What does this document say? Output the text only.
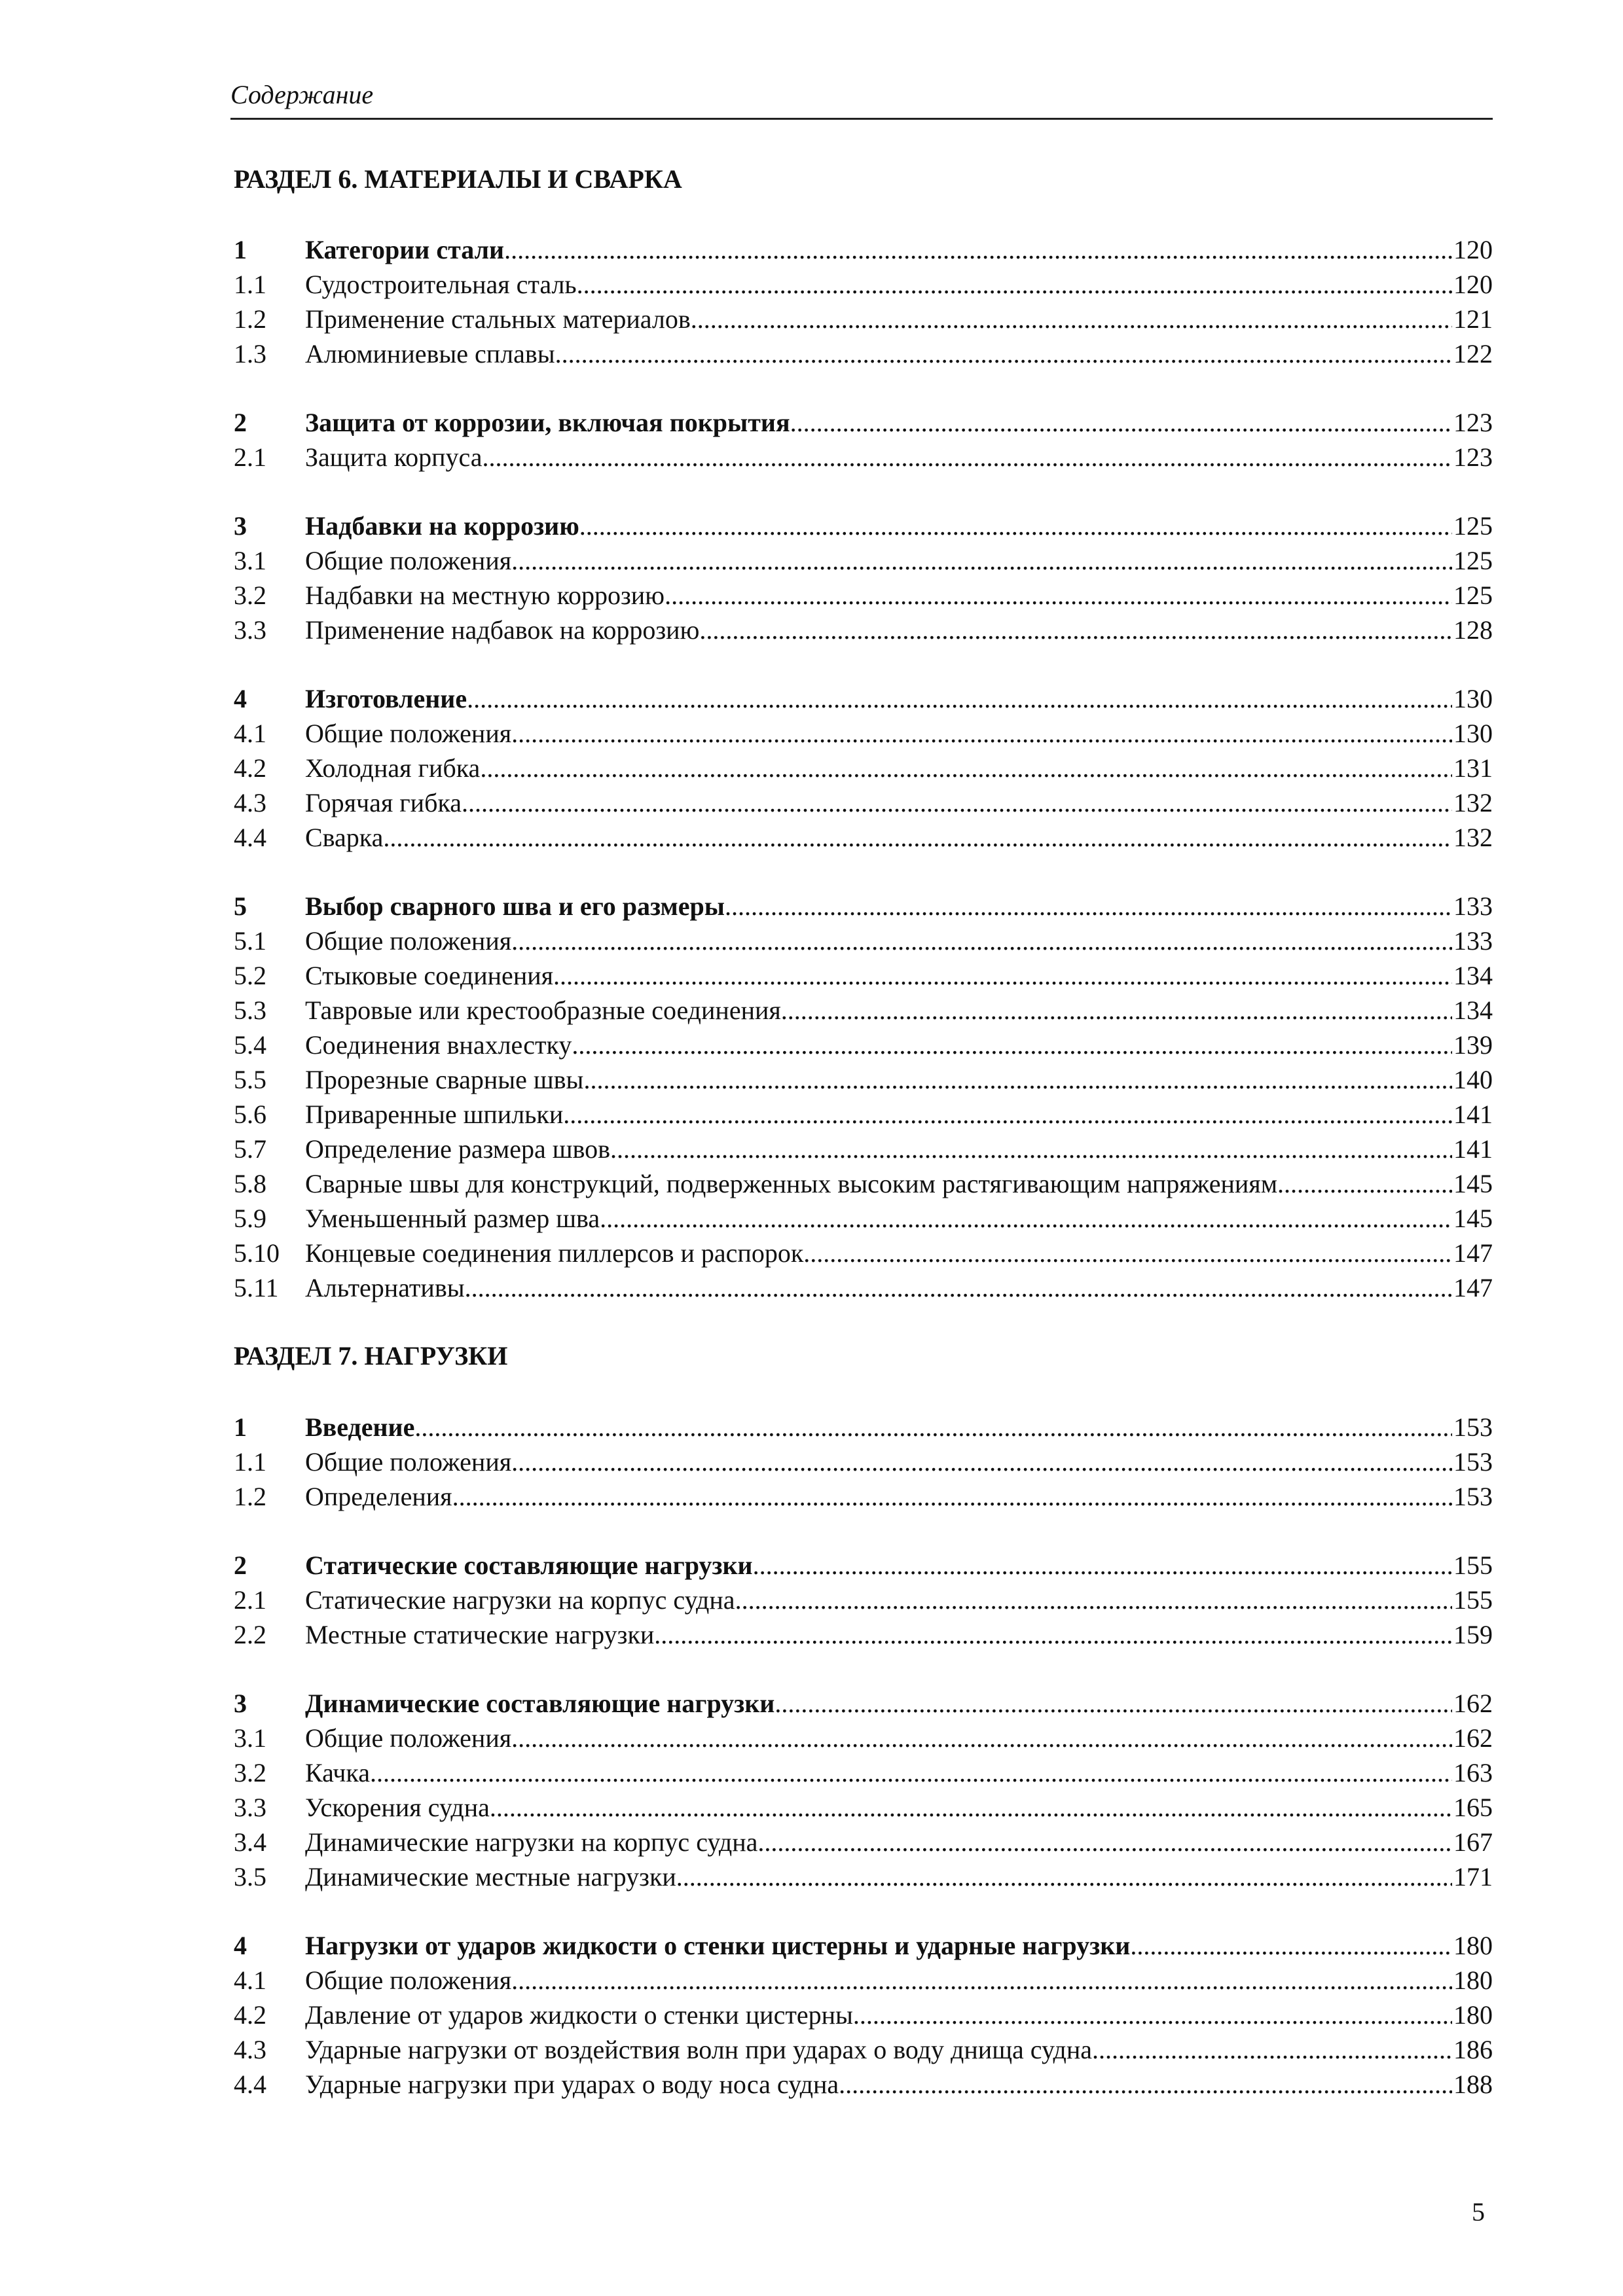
Содержание
РАЗДЕЛ 6. МАТЕРИАЛЫ И СВАРКА
1	Категории стали .....	120
1.1	Судостроительная сталь .....	120
1.2	Применение стальных материалов .....	121
1.3	Алюминиевые сплавы .....	122
2	Защита от коррозии, включая покрытия .....	123
2.1	Защита корпуса .....	123
3	Надбавки на коррозию .....	125
3.1	Общие положения .....	125
3.2	Надбавки на местную коррозию .....	125
3.3	Применение надбавок на коррозию .....	128
4	Изготовление .....	130
4.1	Общие положения .....	130
4.2	Холодная гибка .....	131
4.3	Горячая гибка .....	132
4.4	Сварка .....	132
5	Выбор сварного шва и его размеры .....	133
5.1	Общие положения .....	133
5.2	Стыковые соединения .....	134
5.3	Тавровые или крестообразные соединения .....	134
5.4	Соединения внахлестку .....	139
5.5	Прорезные сварные швы .....	140
5.6	Приваренные шпильки .....	141
5.7	Определение размера швов .....	141
5.8	Сварные швы для конструкций, подверженных высоким растягивающим напряжениям .....	145
5.9	Уменьшенный размер шва .....	145
5.10 Концевые соединения пиллерсов и распорок .....	147
5.11	Альтернативы .....	147
РАЗДЕЛ 7. НАГРУЗКИ
1	Введение .....	153
1.1	Общие положения .....	153
1.2	Определения .....	153
2	Статические составляющие нагрузки .....	155
2.1	Статические нагрузки на корпус судна .....	155
2.2	Местные статические нагрузки .....	159
3	Динамические составляющие нагрузки .....	162
3.1	Общие положения .....	162
3.2	Качка .....	163
3.3	Ускорения судна .....	165
3.4	Динамические нагрузки на корпус судна .....	167
3.5	Динамические местные нагрузки .....	171
4	Нагрузки от ударов жидкости о стенки цистерны и ударные нагрузки .....	180
4.1	Общие положения .....	180
4.2	Давление от ударов жидкости о стенки цистерны .....	180
4.3	Ударные нагрузки от воздействия волн при ударах о воду днища судна .....	186
4.4	Ударные нагрузки при ударах о воду носа судна .....	188
5
